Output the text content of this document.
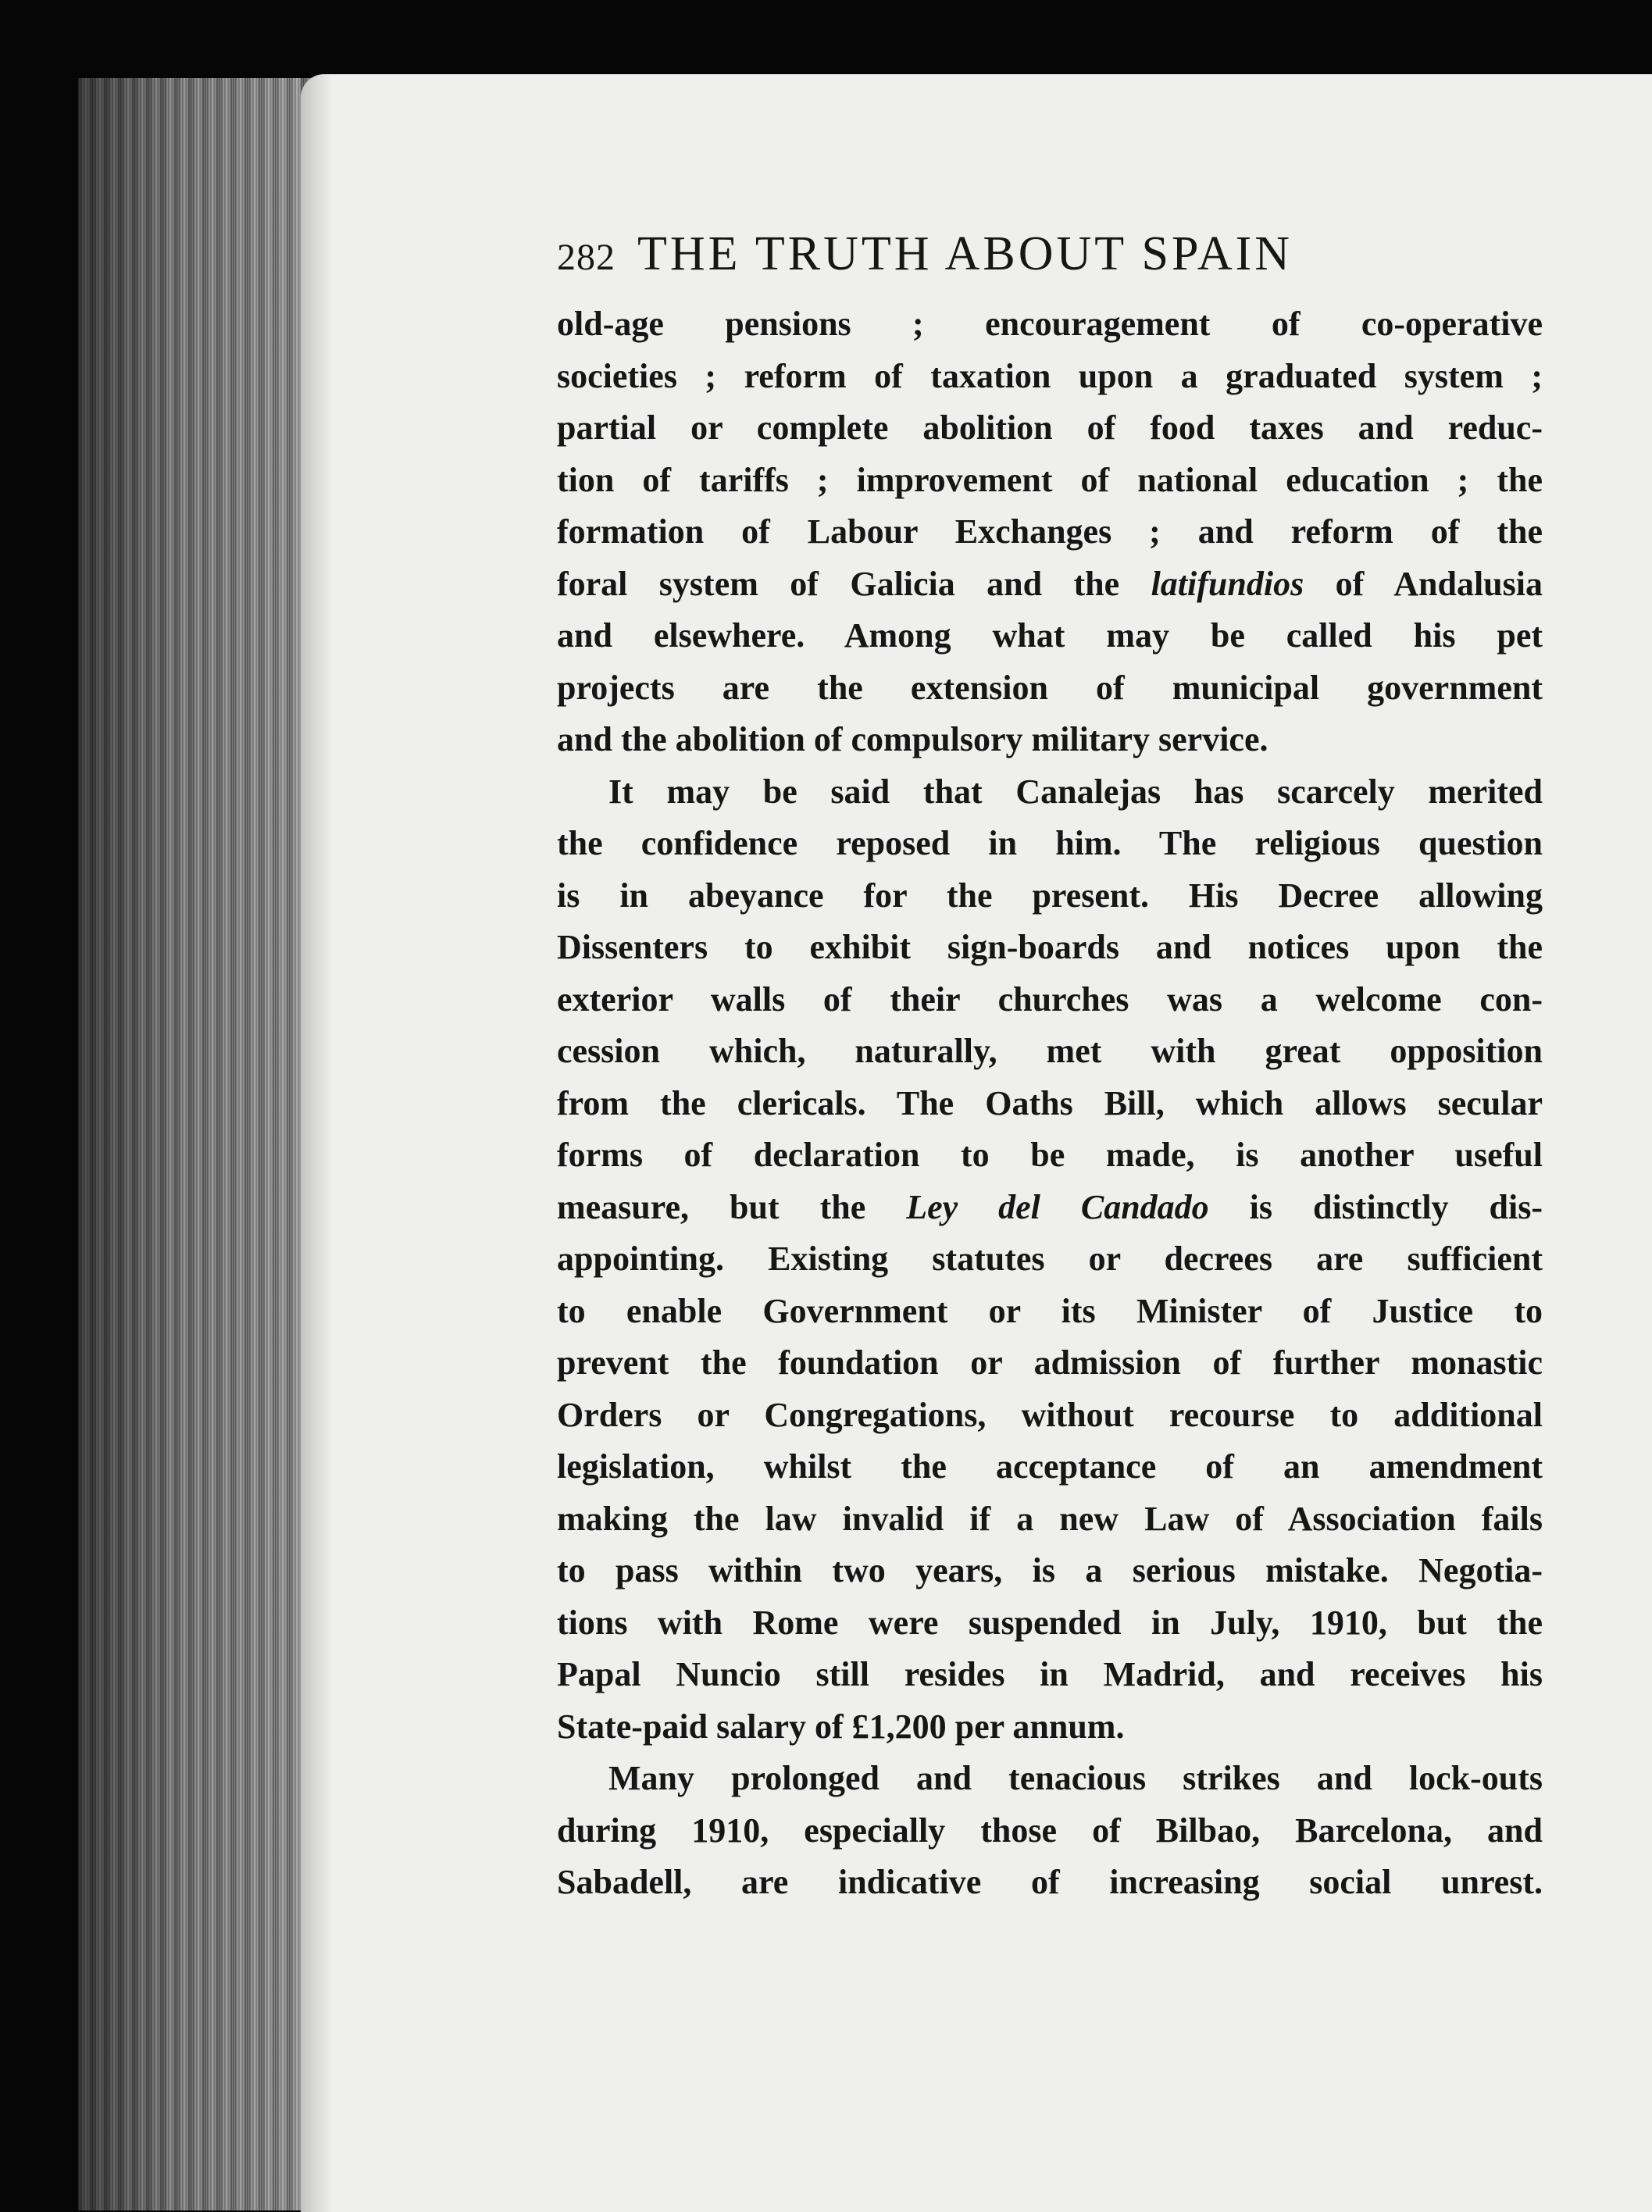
282 THE TRUTH ABOUT SPAIN

old-age pensions ; encouragement of co-operative
societies ; reform of taxation upon a graduated system ;
partial or complete abolition of food taxes and reduc-
tion of tariffs ; improvement of national education ; the
formation of Labour Exchanges ; and reform of the
foral system of Galicia and the latifundios of Andalusia
and elsewhere. Among what may be called his pet
projects are the extension of municipal government
and the abolition of compulsory military service.

It may be said that Canalejas has scarcely merited
the confidence reposed in him. The religious question
is in abeyance for the present. His Decree allowing
Dissenters to exhibit sign-boards and notices upon the
exterior walls of their churches was a welcome con-
cession which, naturally, met with great opposition
from the clericals. The Oaths Bill, which allows secular
forms of declaration to be made, is another useful
measure, but the Ley del Candado is distinctly dis-
appointing. Existing statutes or decrees are sufficient
to enable Government or its Minister of Justice to
prevent the foundation or admission of further monastic
Orders or Congregations, without recourse to additional
legislation, whilst the acceptance of an amendment
making the law invalid if a new Law of Association fails
to pass within two years, is a serious mistake. Negotia-
tions with Rome were suspended in July, 1910, but the
Papal Nuncio still resides in Madrid, and receives his
State-paid salary of £1,200 per annum.

Many prolonged and tenacious strikes and lock-outs
during 1910, especially those of Bilbao, Barcelona, and
Sabadell, are indicative of increasing social unrest.
